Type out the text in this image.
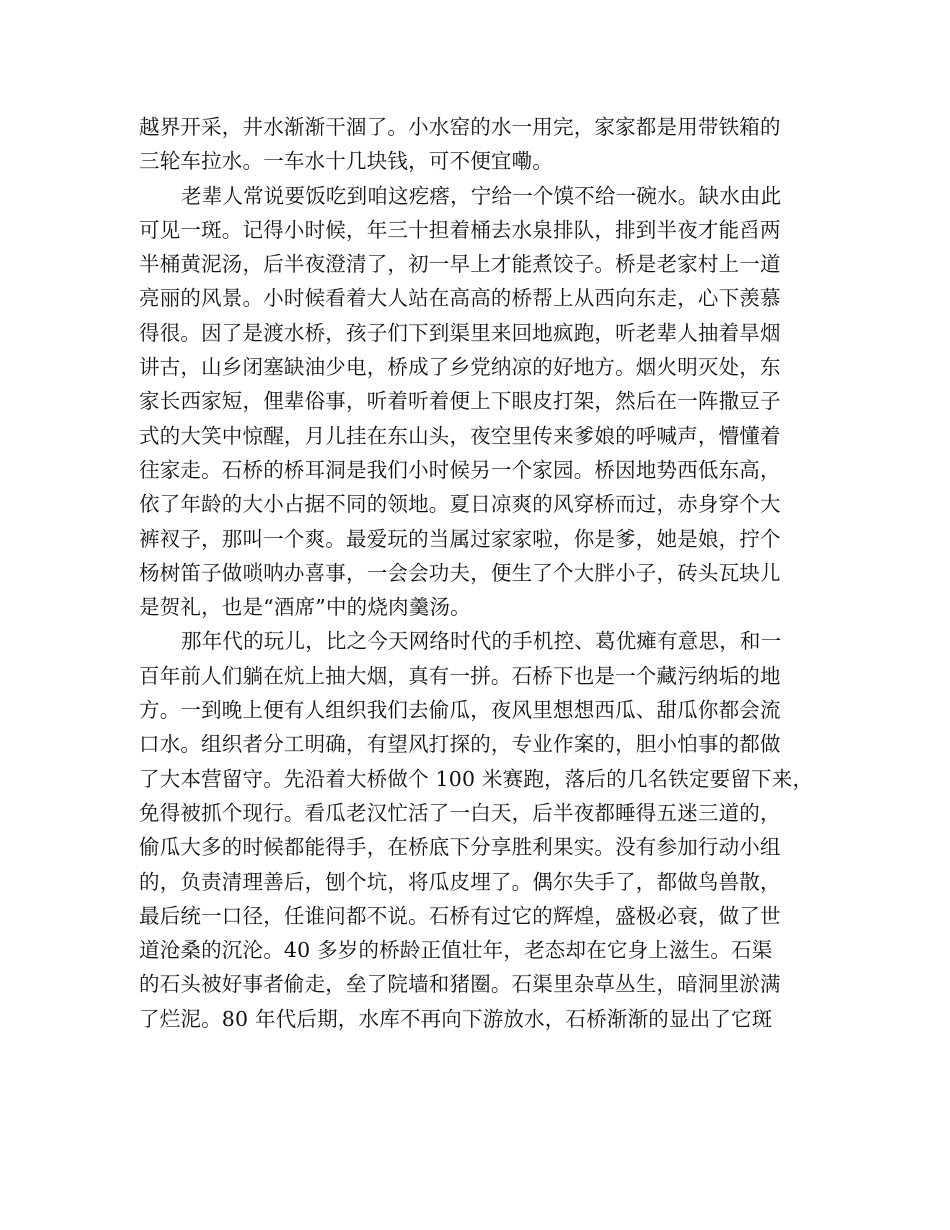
越界开采，井水渐渐干涸了。小水窑的水一用完，家家都是用带铁箱的
三轮车拉水。一车水十几块钱，可不便宜嘞。
老辈人常说要饭吃到咱这疙瘩，宁给一个馍不给一碗水。缺水由此
可见一斑。记得小时候，年三十担着桶去水泉排队，排到半夜才能舀两
半桶黄泥汤，后半夜澄清了，初一早上才能煮饺子。桥是老家村上一道
亮丽的风景。小时候看着大人站在高高的桥帮上从西向东走，心下羡慕
得很。因了是渡水桥，孩子们下到渠里来回地疯跑，听老辈人抽着旱烟
讲古，山乡闭塞缺油少电，桥成了乡党纳凉的好地方。烟火明灭处，东
家长西家短，俚辈俗事，听着听着便上下眼皮打架，然后在一阵撒豆子
式的大笑中惊醒，月儿挂在东山头，夜空里传来爹娘的呼喊声，懵懂着
往家走。石桥的桥耳洞是我们小时候另一个家园。桥因地势西低东高，
依了年龄的大小占据不同的领地。夏日凉爽的风穿桥而过，赤身穿个大
裤衩子，那叫一个爽。最爱玩的当属过家家啦，你是爹，她是娘，拧个
杨树笛子做唢呐办喜事，一会会功夫，便生了个大胖小子，砖头瓦块儿
是贺礼，也是“酒席”中的烧肉羹汤。
那年代的玩儿，比之今天网络时代的手机控、葛优瘫有意思，和一
百年前人们躺在炕上抽大烟，真有一拼。石桥下也是一个藏污纳垢的地
方。一到晚上便有人组织我们去偷瓜，夜风里想想西瓜、甜瓜你都会流
口水。组织者分工明确，有望风打探的，专业作案的，胆小怕事的都做
了大本营留守。先沿着大桥做个 100 米赛跑，落后的几名铁定要留下来，
免得被抓个现行。看瓜老汉忙活了一白天，后半夜都睡得五迷三道的，
偷瓜大多的时候都能得手，在桥底下分享胜利果实。没有参加行动小组
的，负责清理善后，刨个坑，将瓜皮埋了。偶尔失手了，都做鸟兽散，
最后统一口径，任谁问都不说。石桥有过它的辉煌，盛极必衰，做了世
道沧桑的沉沦。40 多岁的桥龄正值壮年，老态却在它身上滋生。石渠
的石头被好事者偷走，垒了院墙和猪圈。石渠里杂草丛生，暗洞里淤满
了烂泥。80 年代后期，水库不再向下游放水，石桥渐渐的显出了它斑
